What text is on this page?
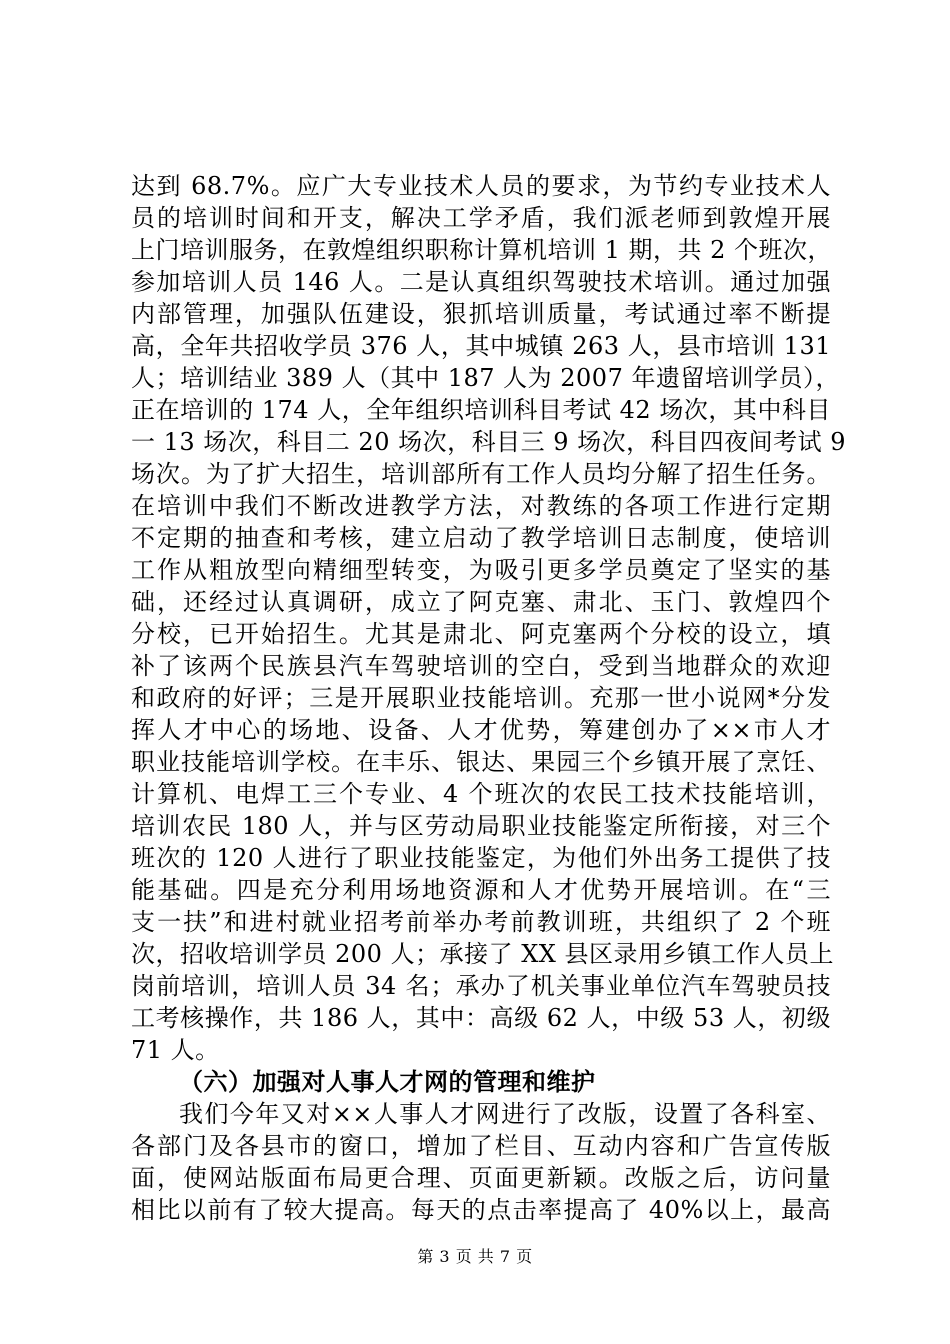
达到 68.7%。应广大专业技术人员的要求，为节约专业技术人
员的培训时间和开支，解决工学矛盾，我们派老师到敦煌开展
上门培训服务，在敦煌组织职称计算机培训 1 期，共 2 个班次，
参加培训人员 146 人。二是认真组织驾驶技术培训。通过加强
内部管理，加强队伍建设，狠抓培训质量，考试通过率不断提
高，全年共招收学员 376 人，其中城镇 263 人，县市培训 131
人；培训结业 389 人（其中 187 人为 2007 年遗留培训学员），
正在培训的 174 人，全年组织培训科目考试 42 场次，其中科目
一 13 场次，科目二 20 场次，科目三 9 场次，科目四夜间考试 9
场次。为了扩大招生，培训部所有工作人员均分解了招生任务。
在培训中我们不断改进教学方法，对教练的各项工作进行定期
不定期的抽查和考核，建立启动了教学培训日志制度，使培训
工作从粗放型向精细型转变，为吸引更多学员奠定了坚实的基
础，还经过认真调研，成立了阿克塞、肃北、玉门、敦煌四个
分校，已开始招生。尤其是肃北、阿克塞两个分校的设立，填
补了该两个民族县汽车驾驶培训的空白，受到当地群众的欢迎
和政府的好评；三是开展职业技能培训。充那一世小说网*分发
挥人才中心的场地、设备、人才优势，筹建创办了××市人才
职业技能培训学校。在丰乐、银达、果园三个乡镇开展了烹饪、
计算机、电焊工三个专业、4 个班次的农民工技术技能培训，
培训农民 180 人，并与区劳动局职业技能鉴定所衔接，对三个
班次的 120 人进行了职业技能鉴定，为他们外出务工提供了技
能基础。四是充分利用场地资源和人才优势开展培训。在“三
支一扶”和进村就业招考前举办考前教训班，共组织了 2 个班
次，招收培训学员 200 人；承接了 XX 县区录用乡镇工作人员上
岗前培训，培训人员 34 名；承办了机关事业单位汽车驾驶员技
工考核操作，共 186 人，其中：高级 62 人，中级 53 人，初级
71 人。
（六）加强对人事人才网的管理和维护
我们今年又对××人事人才网进行了改版，设置了各科室、
各部门及各县市的窗口，增加了栏目、互动内容和广告宣传版
面，使网站版面布局更合理、页面更新颖。改版之后，访问量
相比以前有了较大提高。每天的点击率提高了 40%以上，最高
第 3 页 共 7 页
